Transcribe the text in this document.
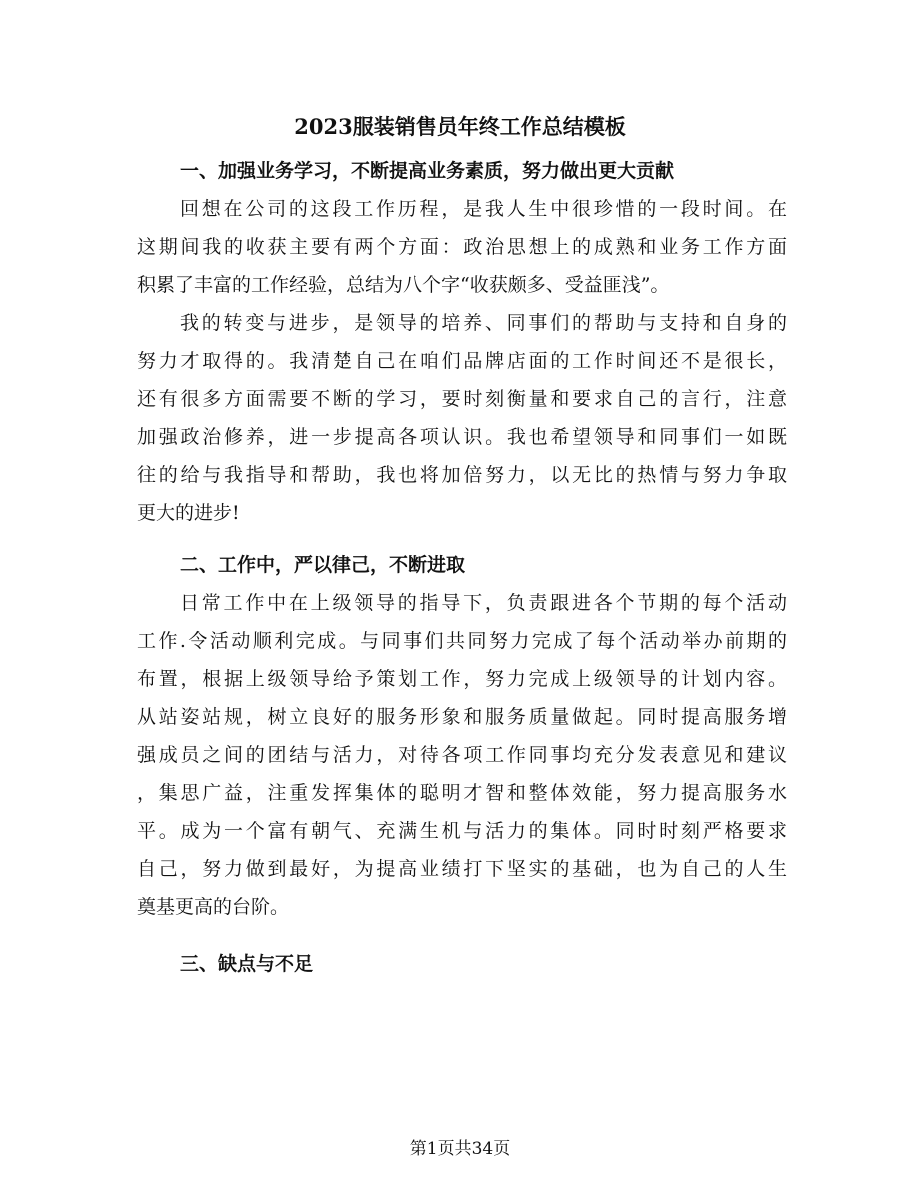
2023服装销售员年终工作总结模板
一、加强业务学习，不断提高业务素质，努力做出更大贡献
回想在公司的这段工作历程，是我人生中很珍惜的一段时间。在
这期间我的收获主要有两个方面：政治思想上的成熟和业务工作方面
积累了丰富的工作经验，总结为八个字“收获颇多、受益匪浅”。
我的转变与进步，是领导的培养、同事们的帮助与支持和自身的
努力才取得的。我清楚自己在咱们品牌店面的工作时间还不是很长，
还有很多方面需要不断的学习，要时刻衡量和要求自己的言行，注意
加强政治修养，进一步提高各项认识。我也希望领导和同事们一如既
往的给与我指导和帮助，我也将加倍努力，以无比的热情与努力争取
更大的进步!
二、工作中，严以律己，不断进取
日常工作中在上级领导的指导下，负责跟进各个节期的每个活动
工作.令活动顺利完成。与同事们共同努力完成了每个活动举办前期的
布置，根据上级领导给予策划工作，努力完成上级领导的计划内容。
从站姿站规，树立良好的服务形象和服务质量做起。同时提高服务增
强成员之间的团结与活力，对待各项工作同事均充分发表意见和建议
，集思广益，注重发挥集体的聪明才智和整体效能，努力提高服务水
平。成为一个富有朝气、充满生机与活力的集体。同时时刻严格要求
自己，努力做到最好，为提高业绩打下坚实的基础，也为自己的人生
奠基更高的台阶。
三、缺点与不足
第1页共34页
